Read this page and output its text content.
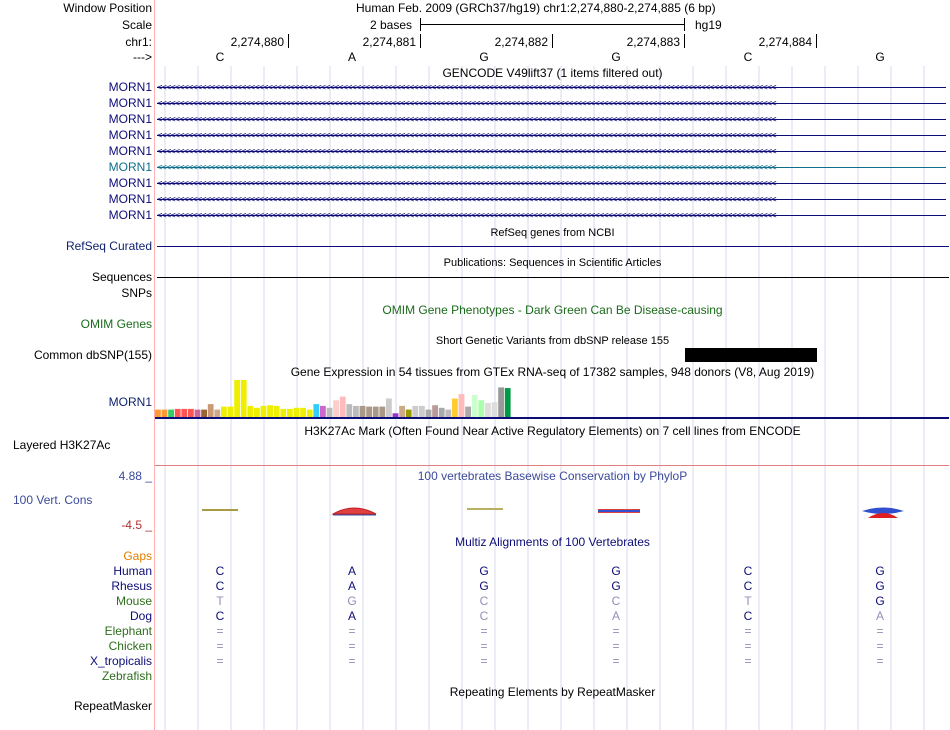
Window Position	Human Feb. 2009 (GRCh37/hg19) chr1:2,274,880-2,274,885 (6 bp)
Scale	2 bases	hg19
chr1:	2,274,880	2,274,881	2,274,882	2,274,883	2,274,884
--->	C	A	G	G	C	G
GENCODE V49lift37 (1 items filtered out)
MORN1 <<<<<<<<<<<<<<<<<<<<<<<<<<<<<<<<<<<<<<<<<<<<<<<<<<<<<<<<<<<<<<<<<<<<<<<<<<<<<<<<<<<<<<<<<<<<<<<<<<<<<<<<<<<<<<<<<<<<<<<<<<<<<<<<<<<<<<<<<<<<
MORN1 <<<<<<<<<<<<<<<<<<<<<<<<<<<<<<<<<<<<<<<<<<<<<<<<<<<<<<<<<<<<<<<<<<<<<<<<<<<<<<<<<<<<<<<<<<<<<<<<<<<<<<<<<<<<<<<<<<<<<<<<<<<<<<<<<<<<<<<<<<<<
MORN1 <<<<<<<<<<<<<<<<<<<<<<<<<<<<<<<<<<<<<<<<<<<<<<<<<<<<<<<<<<<<<<<<<<<<<<<<<<<<<<<<<<<<<<<<<<<<<<<<<<<<<<<<<<<<<<<<<<<<<<<<<<<<<<<<<<<<<<<<<<<<
MORN1 <<<<<<<<<<<<<<<<<<<<<<<<<<<<<<<<<<<<<<<<<<<<<<<<<<<<<<<<<<<<<<<<<<<<<<<<<<<<<<<<<<<<<<<<<<<<<<<<<<<<<<<<<<<<<<<<<<<<<<<<<<<<<<<<<<<<<<<<<<<<
MORN1 <<<<<<<<<<<<<<<<<<<<<<<<<<<<<<<<<<<<<<<<<<<<<<<<<<<<<<<<<<<<<<<<<<<<<<<<<<<<<<<<<<<<<<<<<<<<<<<<<<<<<<<<<<<<<<<<<<<<<<<<<<<<<<<<<<<<<<<<<<<<
MORN1 <<<<<<<<<<<<<<<<<<<<<<<<<<<<<<<<<<<<<<<<<<<<<<<<<<<<<<<<<<<<<<<<<<<<<<<<<<<<<<<<<<<<<<<<<<<<<<<<<<<<<<<<<<<<<<<<<<<<<<<<<<<<<<<<<<<<<<<<<<<<
MORN1 <<<<<<<<<<<<<<<<<<<<<<<<<<<<<<<<<<<<<<<<<<<<<<<<<<<<<<<<<<<<<<<<<<<<<<<<<<<<<<<<<<<<<<<<<<<<<<<<<<<<<<<<<<<<<<<<<<<<<<<<<<<<<<<<<<<<<<<<<<<<
MORN1 <<<<<<<<<<<<<<<<<<<<<<<<<<<<<<<<<<<<<<<<<<<<<<<<<<<<<<<<<<<<<<<<<<<<<<<<<<<<<<<<<<<<<<<<<<<<<<<<<<<<<<<<<<<<<<<<<<<<<<<<<<<<<<<<<<<<<<<<<<<<
MORN1 <<<<<<<<<<<<<<<<<<<<<<<<<<<<<<<<<<<<<<<<<<<<<<<<<<<<<<<<<<<<<<<<<<<<<<<<<<<<<<<<<<<<<<<<<<<<<<<<<<<<<<<<<<<<<<<<<<<<<<<<<<<<<<<<<<<<<<<<<<<<
RefSeq genes from NCBI
RefSeq Curated
Publications: Sequences in Scientific Articles
Sequences
SNPs
OMIM Gene Phenotypes - Dark Green Can Be Disease-causing
OMIM Genes
Short Genetic Variants from dbSNP release 155
Common dbSNP(155)
Gene Expression in 54 tissues from GTEx RNA-seq of 17382 samples, 948 donors (V8, Aug 2019)
MORN1
H3K27Ac Mark (Often Found Near Active Regulatory Elements) on 7 cell lines from ENCODE
Layered H3K27Ac
100 vertebrates Basewise Conservation by PhyloP
4.88 _
100 Vert. Cons
-4.5 _
Multiz Alignments of 100 Vertebrates
Gaps
Human	C	A	G	G	C	G
Rhesus	C	A	G	G	C	G
Mouse	T	G	C	C	T	G
Dog	C	A	C	A	C	A
Elephant	=	=	=	=	=	=
Chicken	=	=	=	=	=	=
X_tropicalis	=	=	=	=	=	=
Zebrafish
Repeating Elements by RepeatMasker
RepeatMasker
